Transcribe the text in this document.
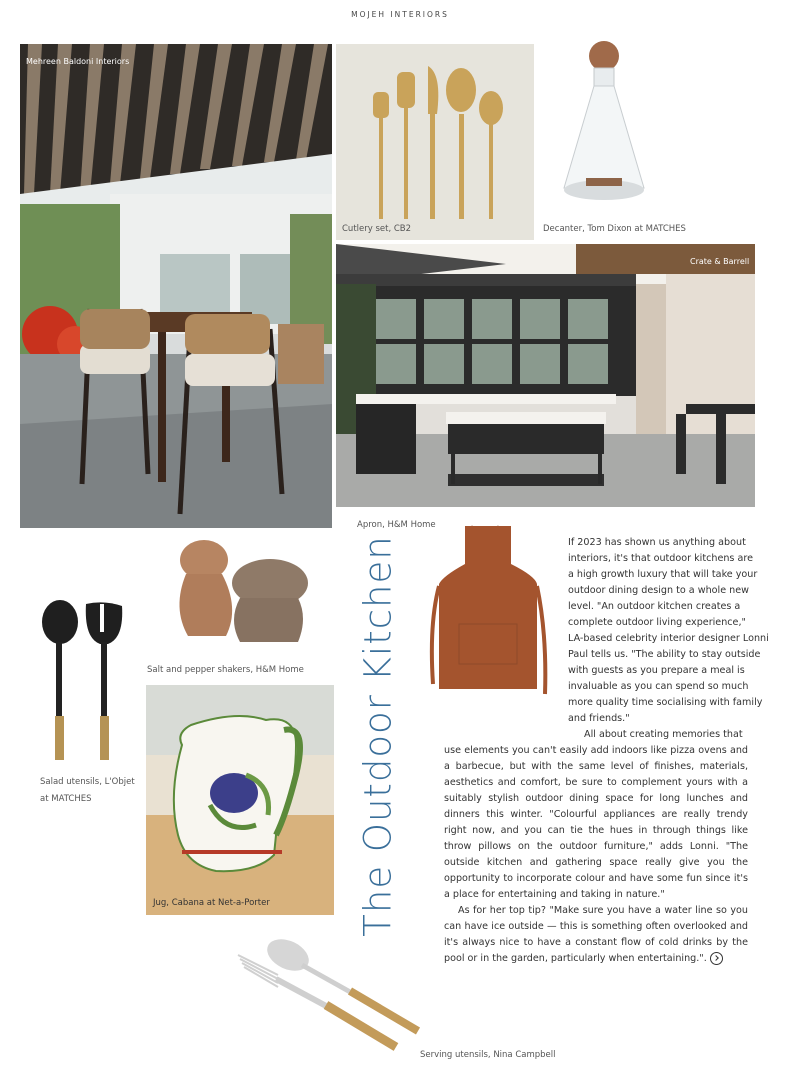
MOJEH INTERIORS
Mehreen Baldoni Interiors
Cutlery set, CB2	Decanter, Tom Dixon at MATCHES
Crate & Barrell
Apron, H&M Home
Salt and pepper shakers, H&M Home
Salad utensils, L'Objet
at MATCHES
Jug, Cabana at Net-a-Porter
Serving utensils, Nina Campbell
The Outdoor Kitchen	If 2023 has shown us anything about
interiors, it's that outdoor kitchens are
a high growth luxury that will take your
outdoor dining design to a whole new
level. "An outdoor kitchen creates a
complete outdoor living experience,"
LA-based celebrity interior designer Lonni
Paul tells us. "The ability to stay outside
with guests as you prepare a meal is
invaluable as you can spend so much
more quality time socialising with family
and friends."

All about creating memories that

use elements you can't easily add indoors like pizza ovens and a barbecue, but with the same level of finishes, materials, aesthetics and comfort, be sure to complement yours with a suitably stylish outdoor dining space for long lunches and dinners this winter. "Colourful appliances are really trendy right now, and you can tie the hues in through things like throw pillows on the outdoor furniture," adds Lonni. "The outside kitchen and gathering space really give you the opportunity to incorporate colour and have some fun since it's a place for entertaining and taking in nature."

As for her top tip? "Make sure you have a water line so you can have ice outside — this is something often overlooked and it's always nice to have a constant flow of cold drinks by the pool or in the garden, particularly when entertaining.".
